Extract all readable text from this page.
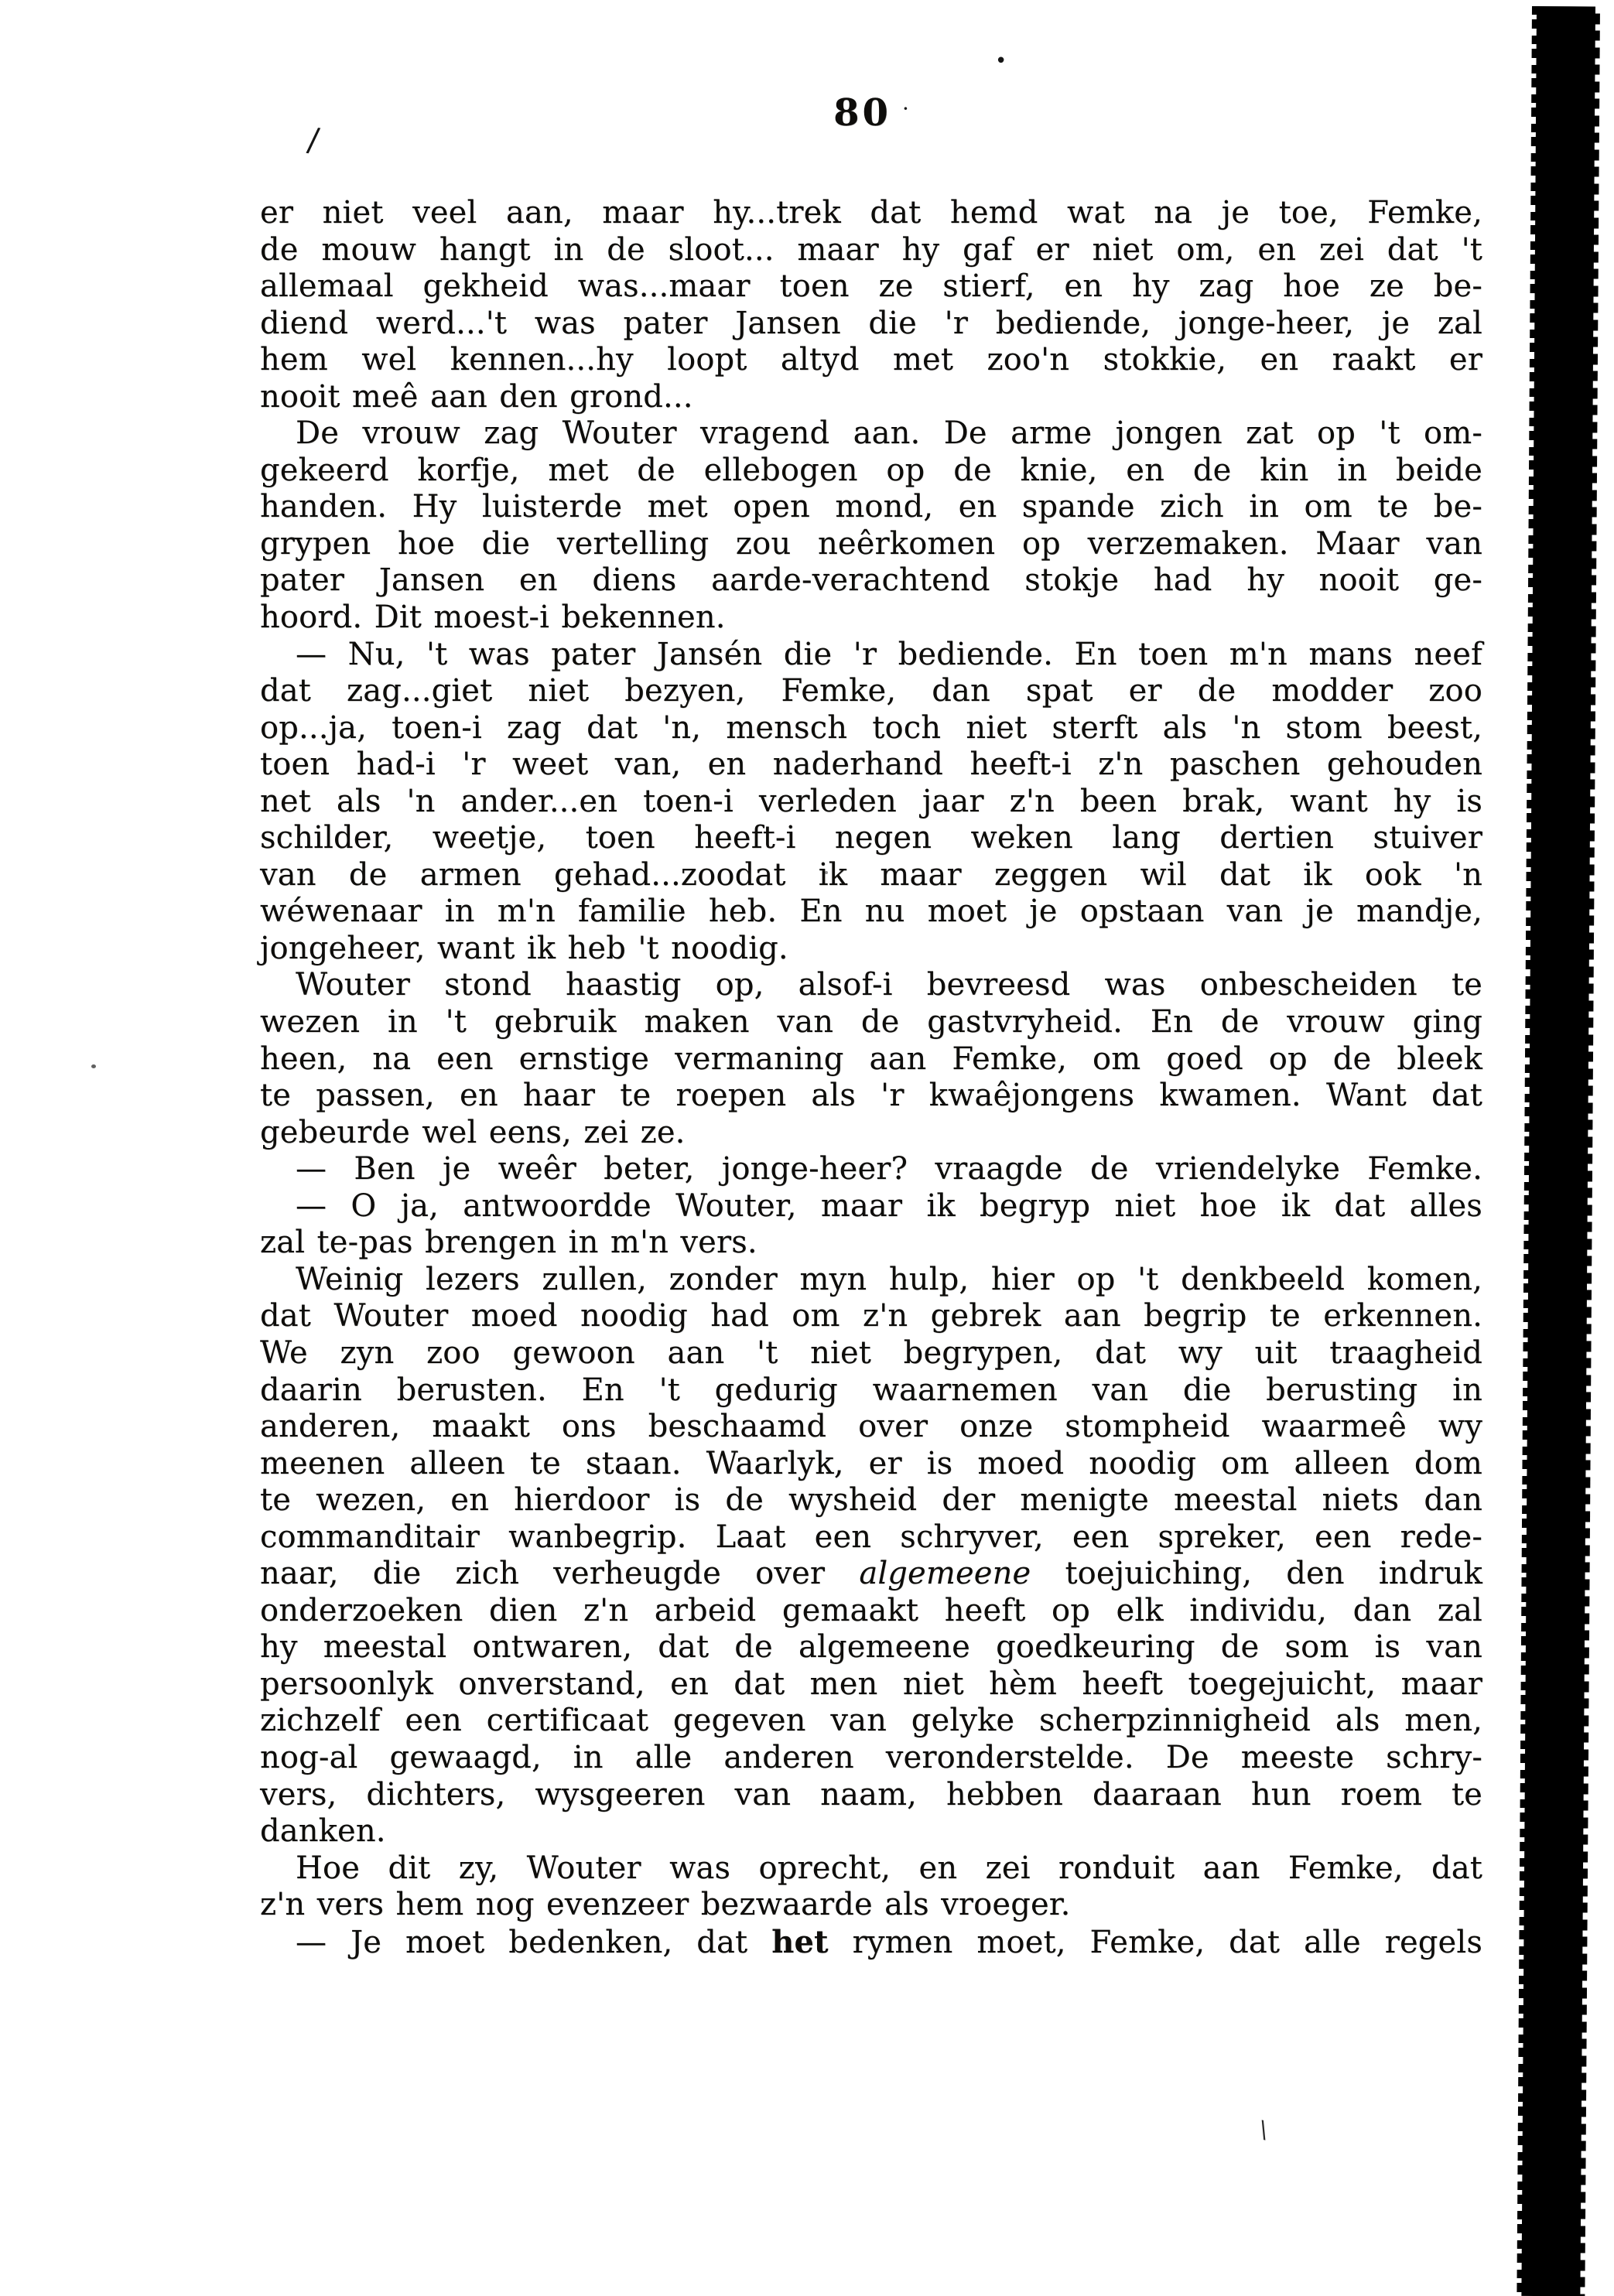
80 ·
/
•
\
er niet veel aan, maar hy...trek dat hemd wat na je toe, Femke,
de mouw hangt in de sloot... maar hy gaf er niet om, en zei dat 't
allemaal gekheid was...maar toen ze stierf, en hy zag hoe ze be-
diend werd...'t was pater Jansen die 'r bediende, jonge-heer, je zal
hem wel kennen...hy loopt altyd met zoo'n stokkie, en raakt er
nooit meê aan den grond...
De vrouw zag Wouter vragend aan. De arme jongen zat op 't om-
gekeerd korfje, met de ellebogen op de knie, en de kin in beide
handen. Hy luisterde met open mond, en spande zich in om te be-
grypen hoe die vertelling zou neêrkomen op verzemaken. Maar van
pater Jansen en diens aarde-verachtend stokje had hy nooit ge-
hoord. Dit moest-i bekennen.
— Nu, 't was pater Jansén die 'r bediende. En toen m'n mans neef
dat zag...giet niet bezyen, Femke, dan spat er de modder zoo
op...ja, toen-i zag dat 'n, mensch toch niet sterft als 'n stom beest,
toen had-i 'r weet van, en naderhand heeft-i z'n paschen gehouden
net als 'n ander...en toen-i verleden jaar z'n been brak, want hy is
schilder, weetje, toen heeft-i negen weken lang dertien stuiver
van de armen gehad...zoodat ik maar zeggen wil dat ik ook 'n
wéwenaar in m'n familie heb. En nu moet je opstaan van je mandje,
jongeheer, want ik heb 't noodig.
Wouter stond haastig op, alsof-i bevreesd was onbescheiden te
wezen in 't gebruik maken van de gastvryheid. En de vrouw ging
heen, na een ernstige vermaning aan Femke, om goed op de bleek
te passen, en haar te roepen als 'r kwaêjongens kwamen. Want dat
gebeurde wel eens, zei ze.
— Ben je weêr beter, jonge-heer? vraagde de vriendelyke Femke.
— O ja, antwoordde Wouter, maar ik begryp niet hoe ik dat alles
zal te-pas brengen in m'n vers.
Weinig lezers zullen, zonder myn hulp, hier op 't denkbeeld komen,
dat Wouter moed noodig had om z'n gebrek aan begrip te erkennen.
We zyn zoo gewoon aan 't niet begrypen, dat wy uit traagheid
daarin berusten. En 't gedurig waarnemen van die berusting in
anderen, maakt ons beschaamd over onze stompheid waarmeê wy
meenen alleen te staan. Waarlyk, er is moed noodig om alleen dom
te wezen, en hierdoor is de wysheid der menigte meestal niets dan
commanditair wanbegrip. Laat een schryver, een spreker, een rede-
naar, die zich verheugde over algemeene toejuiching, den indruk
onderzoeken dien z'n arbeid gemaakt heeft op elk individu, dan zal
hy meestal ontwaren, dat de algemeene goedkeuring de som is van
persoonlyk onverstand, en dat men niet hèm heeft toegejuicht, maar
zichzelf een certificaat gegeven van gelyke scherpzinnigheid als men,
nog-al gewaagd, in alle anderen veronderstelde. De meeste schry-
vers, dichters, wysgeeren van naam, hebben daaraan hun roem te
danken.
Hoe dit zy, Wouter was oprecht, en zei ronduit aan Femke, dat
z'n vers hem nog evenzeer bezwaarde als vroeger.
— Je moet bedenken, dat het rymen moet, Femke, dat alle regels
